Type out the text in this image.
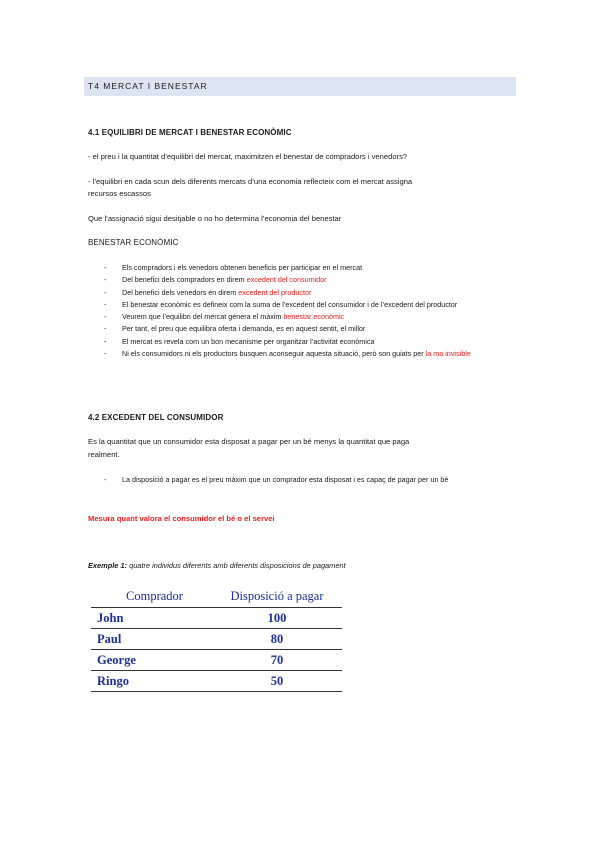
T4 MERCAT I BENESTAR
4.1 EQUILIBRI DE MERCAT I BENESTAR ECONÒMIC
- el preu i la quantitat d’equilibri del mercat, maximitzen el benestar de compradors i venedors?
- l’equilibri en cada scun dels diferents mercats d’una economia reflecteix com el mercat assigna
recursos escassos
Que l’assignació sigui desitjable o no ho determina l’economia del benestar
BENESTAR ECONÒMIC
- Els compradors i els venedors obtenen beneficis per participar en el mercat
- Del benefici dels compradors en direm excedent del consumidor
- Del benefici dels venedors en direm excedent del productor
- El benestar econòmic es defineix com la suma de l’excedent del consumidor i de l’excedent del productor
- Veurem que l’equilibri del mercat genera el màxim benestar econòmic
- Per tant, el preu que equilibra oferta i demanda, es en aquest sentit, el millor
- El mercat es revela com un bon mecanisme per organitzar l’activitat econòmica
- Ni els consumidors ni els productors busquen aconseguir aquesta situació, però son guiats per la ma invisible
4.2 EXCEDENT DEL CONSUMIDOR
Es la quantitat que un consumidor esta disposat a pagar per un bé menys la quantitat que paga realment.
- La disposició a pagar es el preu màxim que un comprador esta disposat i es capaç de pagar per un bé
Mesura quant valora el consumidor el bé o el servei
Exemple 1: quatre individus diferents amb diferents disposicions de pagament
Comprador	Disposició a pagar
John	100
Paul	80
George	70
Ringo	50
